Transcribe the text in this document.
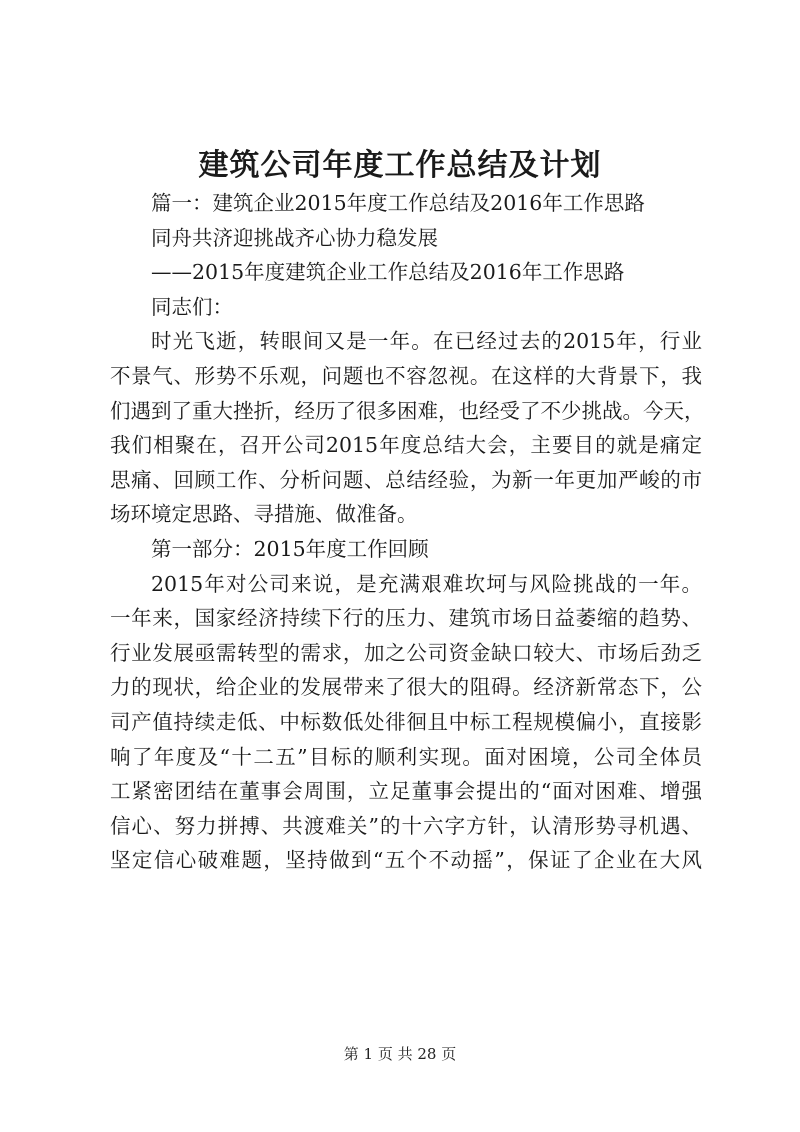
建筑公司年度工作总结及计划
篇一：建筑企业2015年度工作总结及2016年工作思路
同舟共济迎挑战齐心协力稳发展
——2015年度建筑企业工作总结及2016年工作思路
同志们：
时光飞逝，转眼间又是一年。在已经过去的2015年，行业
不景气、形势不乐观，问题也不容忽视。在这样的大背景下，我
们遇到了重大挫折，经历了很多困难，也经受了不少挑战。今天，
我们相聚在，召开公司2015年度总结大会，主要目的就是痛定
思痛、回顾工作、分析问题、总结经验，为新一年更加严峻的市
场环境定思路、寻措施、做准备。
第一部分：2015年度工作回顾
2015年对公司来说，是充满艰难坎坷与风险挑战的一年。
一年来，国家经济持续下行的压力、建筑市场日益萎缩的趋势、
行业发展亟需转型的需求，加之公司资金缺口较大、市场后劲乏
力的现状，给企业的发展带来了很大的阻碍。经济新常态下，公
司产值持续走低、中标数低处徘徊且中标工程规模偏小，直接影
响了年度及“十二五”目标的顺利实现。面对困境，公司全体员
工紧密团结在董事会周围，立足董事会提出的“面对困难、增强
信心、努力拼搏、共渡难关”的十六字方针，认清形势寻机遇、
坚定信心破难题，坚持做到“五个不动摇”，保证了企业在大风
第 1 页 共 28 页
